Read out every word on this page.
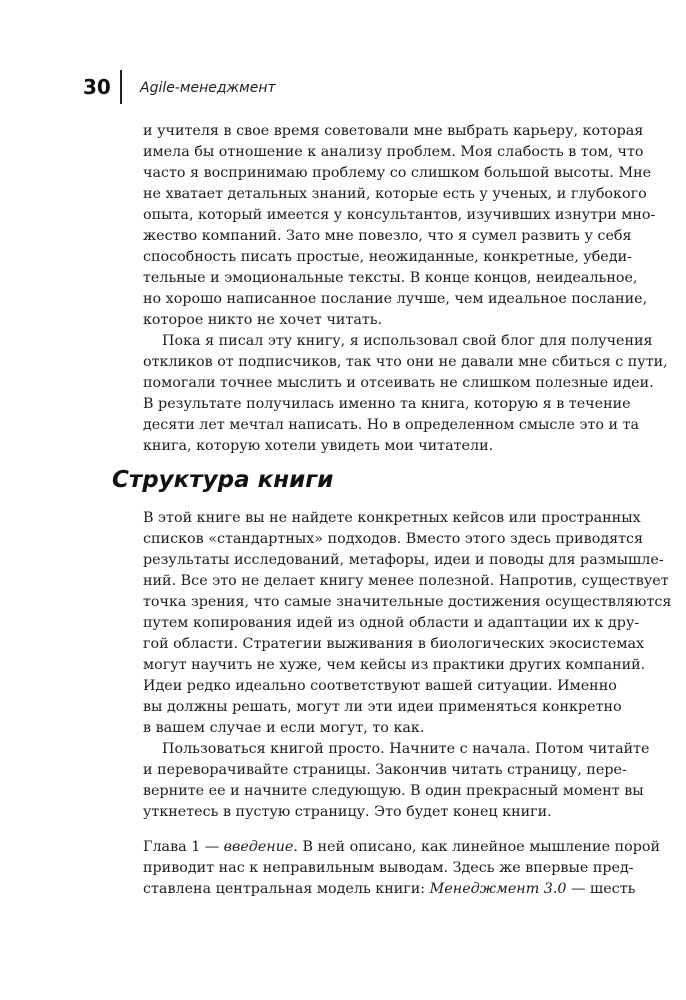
30 Agile-менеджмент
и учителя в свое время советовали мне выбрать карьеру, которая
имела бы отношение к анализу проблем. Моя слабость в том, что
часто я воспринимаю проблему со слишком большой высоты. Мне
не хватает детальных знаний, которые есть у ученых, и глубокого
опыта, который имеется у консультантов, изучивших изнутри мно-
жество компаний. Зато мне повезло, что я сумел развить у себя
способность писать простые, неожиданные, конкретные, убеди-
тельные и эмоциональные тексты. В конце концов, неидеальное,
но хорошо написанное послание лучше, чем идеальное послание,
которое никто не хочет читать.
Пока я писал эту книгу, я использовал свой блог для получения
откликов от подписчиков, так что они не давали мне сбиться с пути,
помогали точнее мыслить и отсеивать не слишком полезные идеи.
В результате получилась именно та книга, которую я в течение
десяти лет мечтал написать. Но в определенном смысле это и та
книга, которую хотели увидеть мои читатели.
Структура книги
В этой книге вы не найдете конкретных кейсов или пространных
списков «стандартных» подходов. Вместо этого здесь приводятся
результаты исследований, метафоры, идеи и поводы для размышле-
ний. Все это не делает книгу менее полезной. Напротив, существует
точка зрения, что самые значительные достижения осуществляются
путем копирования идей из одной области и адаптации их к дру-
гой области. Стратегии выживания в биологических экосистемах
могут научить не хуже, чем кейсы из практики других компаний.
Идеи редко идеально соответствуют вашей ситуации. Именно
вы должны решать, могут ли эти идеи применяться конкретно
в вашем случае и если могут, то как.
Пользоваться книгой просто. Начните с начала. Потом читайте
и переворачивайте страницы. Закончив читать страницу, пере-
верните ее и начните следующую. В один прекрасный момент вы
уткнетесь в пустую страницу. Это будет конец книги.
Глава 1 — введение. В ней описано, как линейное мышление порой
приводит нас к неправильным выводам. Здесь же впервые пред-
ставлена центральная модель книги: Менеджмент 3.0 — шесть
